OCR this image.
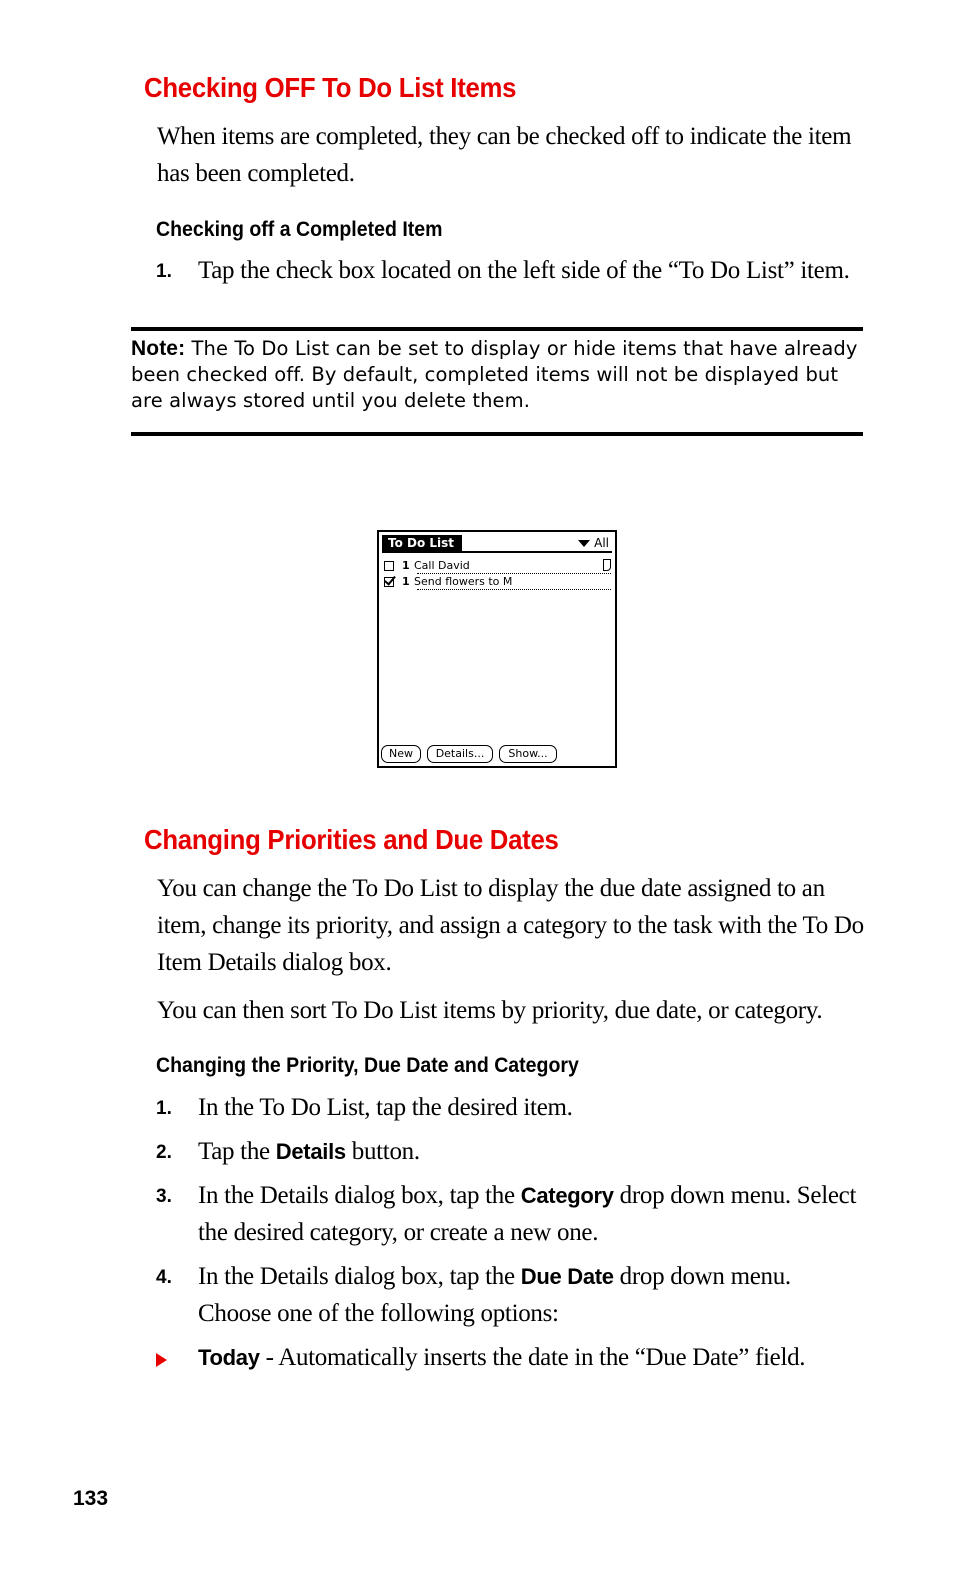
Checking OFF To Do List Items
When items are completed, they can be checked off to indicate the item
has been completed.
Checking off a Completed Item
1. Tap the check box located on the left side of the “To Do List” item.
Note: The To Do List can be set to display or hide items that have already
been checked off. By default, completed items will not be displayed but
are always stored until you delete them.
To Do List	All
1 Call David
1 Send flowers to M
New	Details...	Show...
Changing Priorities and Due Dates
You can change the To Do List to display the due date assigned to an
item, change its priority, and assign a category to the task with the To Do
Item Details dialog box.
You can then sort To Do List items by priority, due date, or category.
Changing the Priority, Due Date and Category
1. In the To Do List, tap the desired item.
2. Tap the Details button.
3. In the Details dialog box, tap the Category drop down menu. Select
the desired category, or create a new one.
4. In the Details dialog box, tap the Due Date drop down menu.
Choose one of the following options:
Today - Automatically inserts the date in the “Due Date” field.
133
